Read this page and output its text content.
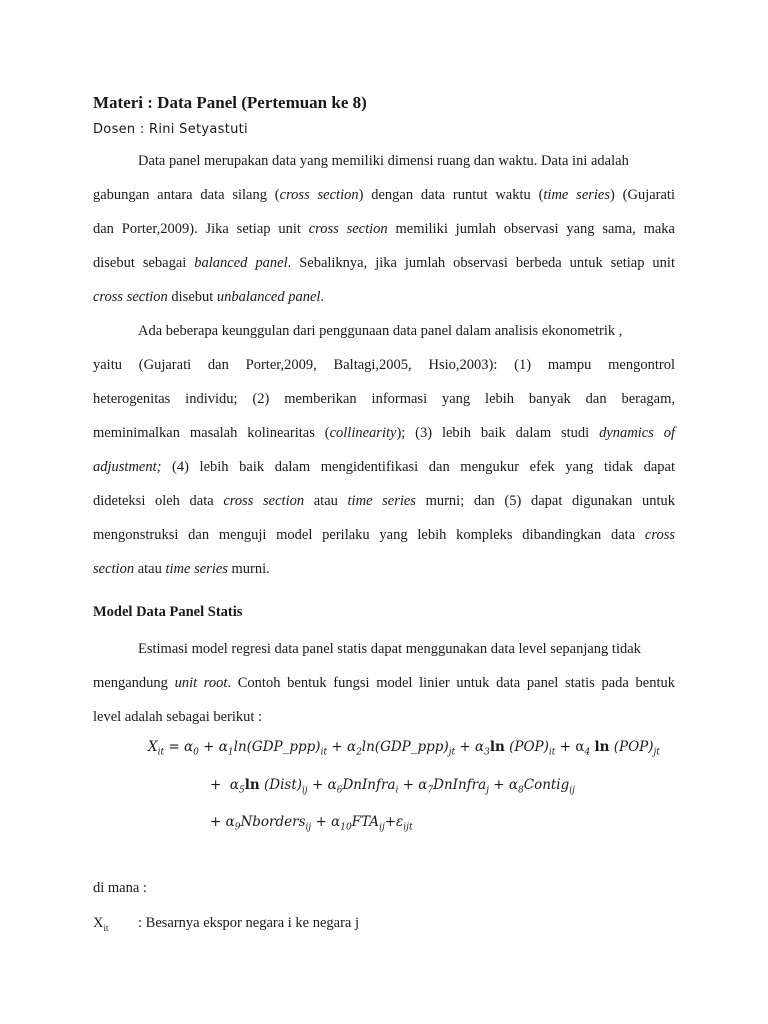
Materi : Data Panel (Pertemuan ke 8)
Dosen : Rini Setyastuti
Data panel merupakan data yang memiliki dimensi ruang dan waktu. Data ini adalah
gabungan antara data silang (cross section) dengan data runtut waktu (time series) (Gujarati
dan Porter,2009). Jika setiap unit cross section memiliki jumlah observasi yang sama, maka
disebut sebagai balanced panel. Sebaliknya, jika jumlah observasi berbeda untuk setiap unit
cross section disebut unbalanced panel.
Ada beberapa keunggulan dari penggunaan data panel dalam analisis ekonometrik ,
yaitu (Gujarati dan Porter,2009, Baltagi,2005, Hsio,2003): (1) mampu mengontrol
heterogenitas individu; (2) memberikan informasi yang lebih banyak dan beragam,
meminimalkan masalah kolinearitas (collinearity); (3) lebih baik dalam studi dynamics of
adjustment; (4) lebih baik dalam mengidentifikasi dan mengukur efek yang tidak dapat
dideteksi oleh data cross section atau time series murni; dan (5) dapat digunakan untuk
mengonstruksi dan menguji model perilaku yang lebih kompleks dibandingkan data cross
section atau time series murni.
Model Data Panel Statis
Estimasi model regresi data panel statis dapat menggunakan data level sepanjang tidak
mengandung unit root. Contoh bentuk fungsi model linier untuk data panel statis pada bentuk
level adalah sebagai berikut :
$X_{it} = \alpha_0$ + $\alpha_1\ln(GDP\_ppp)_{it}$ + $\alpha_2\ln(GDP\_ppp)_{jt} + \alpha_3\ln$ $(POP)_{it} + \alpha_4$ $\ln (POP)_{jt}$
+  $\alpha_5\ln$ $(Dist)_{ij}$ + $\alpha_6DnInfra_i$ + $\alpha_7DnInfra_j$ + $\alpha_8Contig_{ij}$
+ $\alpha_9Nborders_{ij} + \alpha_{10}FTA_{ij}+\varepsilon_{ijt}$
di mana :
$X_{it}$ : Besarnya ekspor negara i ke negara j
